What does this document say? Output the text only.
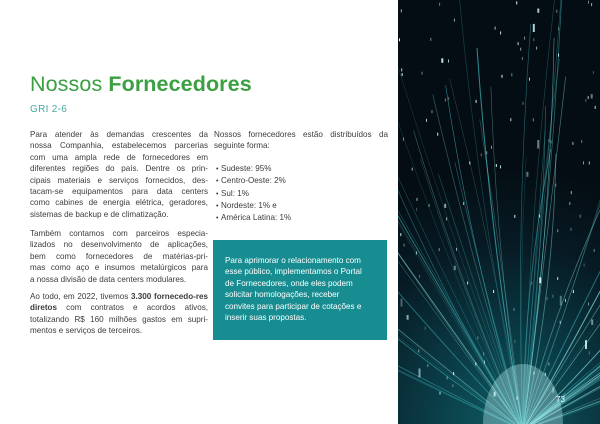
Nossos Fornecedores
GRI 2-6
Para atender às demandas crescentes da
nossa Companhia, estabelecemos parcerias
com uma ampla rede de fornecedores em
diferentes regiões do país. Dentre os prin-
cipais materiais e serviços fornecidos, des-
tacam-se equipamentos para data centers
como cabines de energia elétrica, geradores,
sistemas de backup e de climatização.
Também contamos com parceiros especia-
lizados no desenvolvimento de aplicações,
bem como fornecedores de matérias-pri-
mas como aço e insumos metalúrgicos para
a nossa divisão de data centers modulares.

Ao todo, em 2022, tivemos 3.300 fornecedo-res diretos com contratos e acordos ativos, totalizando R$ 160 milhões gastos em supri-mentos e serviços de terceiros.

Nossos fornecedores estão distribuídos da
seguinte forma:
• Sudeste: 95%
• Centro-Oeste: 2%
• Sul: 1%
• Nordeste: 1% e
• América Latina: 1%

Para aprimorar o relacionamento com

esse público, implementamos o Portal

de Fornecedores, onde eles podem

solicitar homologações, receber

convites para participar de cotações e

inserir suas propostas.

73
